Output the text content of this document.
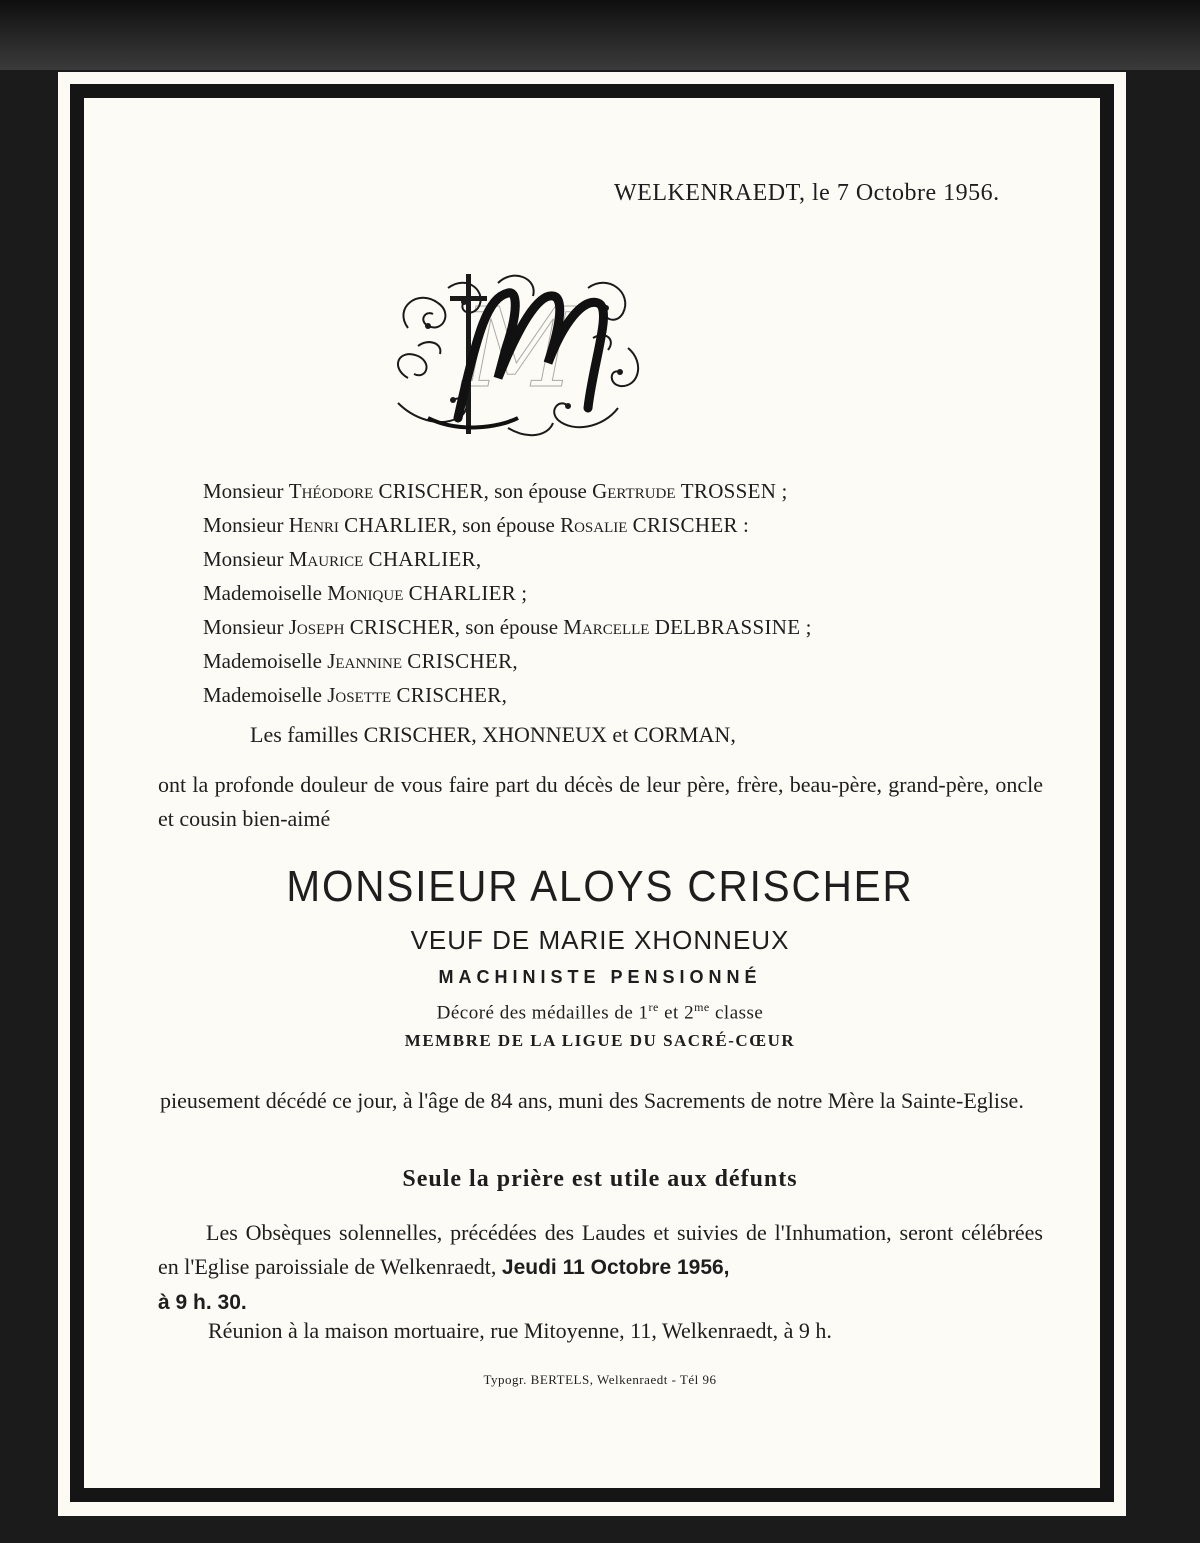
WELKENRAEDT, le 7 Octobre 1956.
M
Monsieur Théodore CRISCHER, son épouse Gertrude TROSSEN ;
Monsieur Henri CHARLIER, son épouse Rosalie CRISCHER :
Monsieur Maurice CHARLIER,
Mademoiselle Monique CHARLIER ;
Monsieur Joseph CRISCHER, son épouse Marcelle DELBRASSINE ;
Mademoiselle Jeannine CRISCHER,
Mademoiselle Josette CRISCHER,
Les familles CRISCHER, XHONNEUX et CORMAN,
ont la profonde douleur de vous faire part du décès de leur père, frère, beau-père, grand-père, oncle et cousin bien-aimé
MONSIEUR ALOYS CRISCHER
VEUF DE MARIE XHONNEUX
MACHINISTE PENSIONNÉ
Décoré des médailles de 1re et $2^{me}$ classe
MEMBRE DE LA LIGUE DU SACRÉ-CŒUR
pieusement décédé ce jour, à l'âge de 84 ans, muni des Sacrements de notre Mère la Sainte-Eglise.
Seule la prière est utile aux défunts
Les Obsèques solennelles, précédées des Laudes et suivies de l'Inhumation, seront célébrées en l'Eglise paroissiale de Welkenraedt, Jeudi 11 Octobre 1956,
à 9 h. 30.
Réunion à la maison mortuaire, rue Mitoyenne, 11, Welkenraedt, à 9 h.
Typogr. BERTELS, Welkenraedt - Tél 96
